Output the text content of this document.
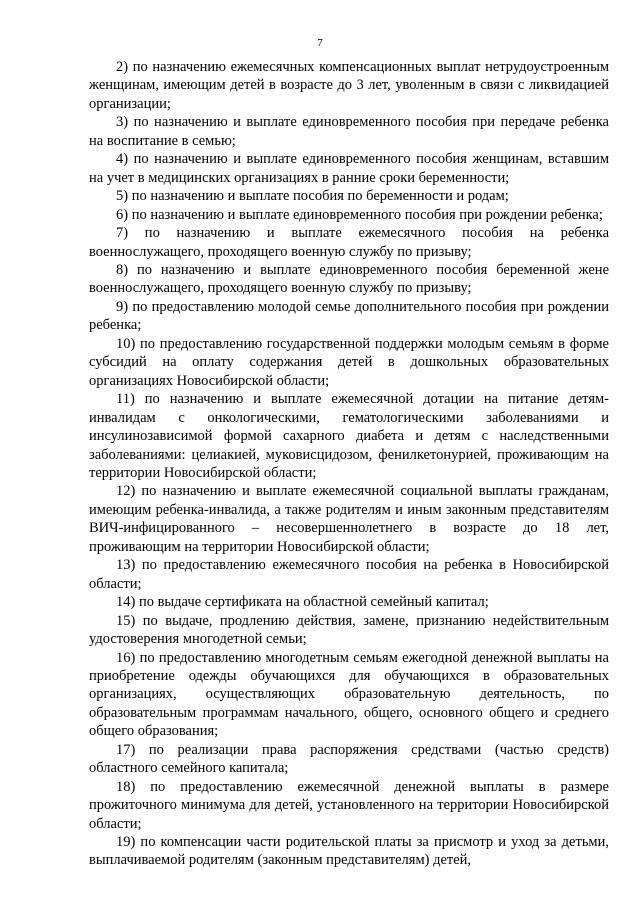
7

2) по назначению ежемесячных компенсационных выплат нетрудоустроенным женщинам, имеющим детей в возрасте до 3 лет, уволенным в связи с ликвидацией организации;

3) по назначению и выплате единовременного пособия при передаче ребенка на воспитание в семью;

4) по назначению и выплате единовременного пособия женщинам, вставшим на учет в медицинских организациях в ранние сроки беременности;

5) по назначению и выплате пособия по беременности и родам;

6) по назначению и выплате единовременного пособия при рождении ребенка;

7) по назначению и выплате ежемесячного пособия на ребенка военнослужащего, проходящего военную службу по призыву;

8) по назначению и выплате единовременного пособия беременной жене военнослужащего, проходящего военную службу по призыву;

9) по предоставлению молодой семье дополнительного пособия при рождении ребенка;

10) по предоставлению государственной поддержки молодым семьям в форме субсидий на оплату содержания детей в дошкольных образовательных организациях Новосибирской области;

11) по назначению и выплате ежемесячной дотации на питание детям-инвалидам с онкологическими, гематологическими заболеваниями и инсулинозависимой формой сахарного диабета и детям с наследственными заболеваниями: целиакией, муковисцидозом, фенилкетонурией, проживающим на территории Новосибирской области;

12) по назначению и выплате ежемесячной социальной выплаты гражданам, имеющим ребенка-инвалида, а также родителям и иным законным представителям ВИЧ-инфицированного – несовершеннолетнего в возрасте до 18 лет, проживающим на территории Новосибирской области;

13) по предоставлению ежемесячного пособия на ребенка в Новосибирской области;

14) по выдаче сертификата на областной семейный капитал;

15) по выдаче, продлению действия, замене, признанию недействительным удостоверения многодетной семьи;

16) по предоставлению многодетным семьям ежегодной денежной выплаты на приобретение одежды обучающихся для обучающихся в образовательных организациях, осуществляющих образовательную деятельность, по образовательным программам начального, общего, основного общего и среднего общего образования;

17) по реализации права распоряжения средствами (частью средств) областного семейного капитала;

18) по предоставлению ежемесячной денежной выплаты в размере прожиточного минимума для детей, установленного на территории Новосибирской области;

19) по компенсации части родительской платы за присмотр и уход за детьми, выплачиваемой родителям (законным представителям) детей,
